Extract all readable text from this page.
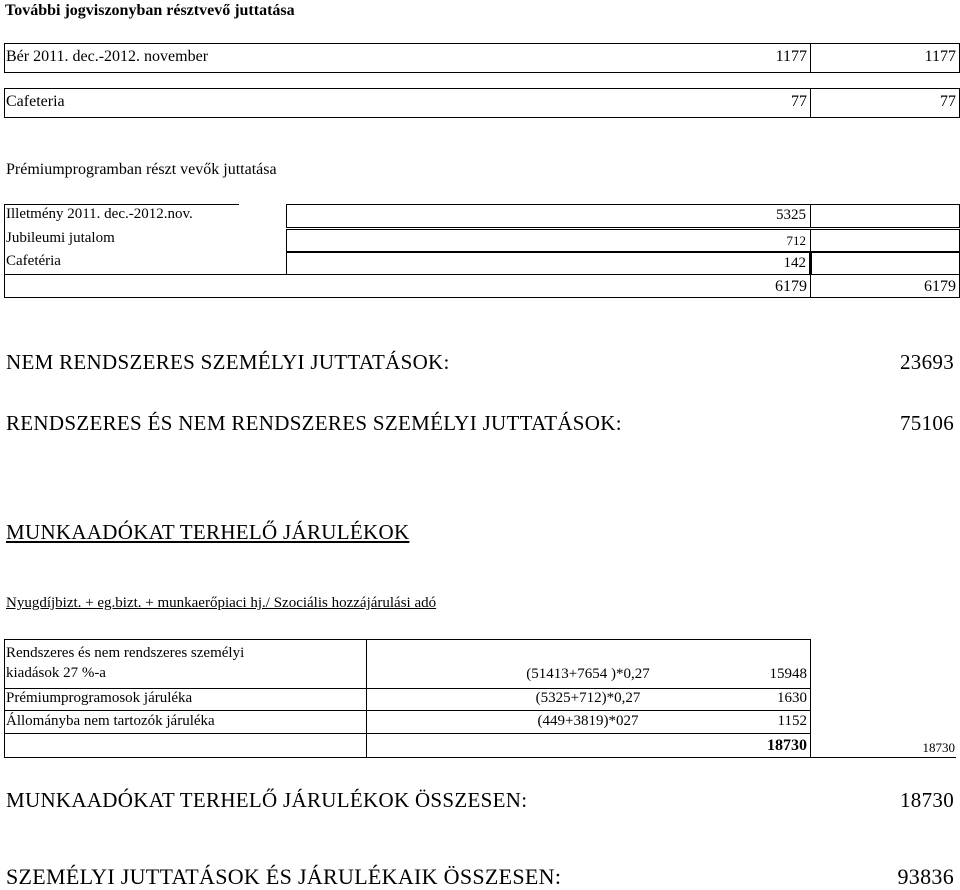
További jogviszonyban résztvevő juttatása
Bér 2011. dec.-2012. november	1177	1177
Cafeteria	77	77
Prémiumprogramban részt vevők juttatása
Illetmény 2011. dec.-2012.nov.	5325
Jubileumi jutalom	712
Cafetéria	142
6179	6179
NEM RENDSZERES SZEMÉLYI JUTTATÁSOK:	23693
RENDSZERES ÉS NEM RENDSZERES SZEMÉLYI JUTTATÁSOK:	75106
MUNKAADÓKAT TERHELŐ JÁRULÉKOK
Nyugdíjbizt. + eg.bizt. + munkaerőpiaci hj./ Szociális hozzájárulási adó
Rendszeres és nem rendszeres személyi
kiadások 27 %-a	(51413+7654 )*0,27	15948
Prémiumprogramosok járuléka	(5325+712)*0,27	1630
Állományba nem tartozók járuléka	(449+3819)*027	1152
18730	18730
MUNKAADÓKAT TERHELŐ JÁRULÉKOK ÖSSZESEN:	18730
SZEMÉLYI JUTTATÁSOK ÉS JÁRULÉKAIK ÖSSZESEN:	93836
